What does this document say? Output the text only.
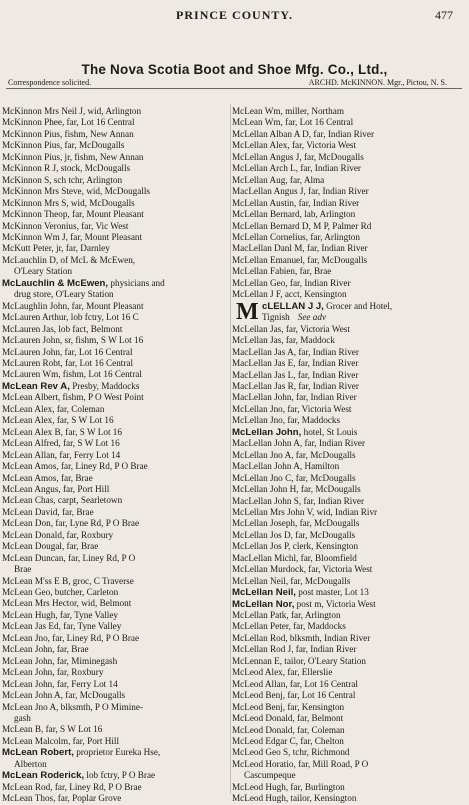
PRINCE COUNTY.	477
The Nova Scotia Boot and Shoe Mfg. Co., Ltd.,
Correspondence solicited.	ARCHD. McKINNON. Mgr., Pictou, N. S.
McKinnon Mrs Neil J, wid, Arlington
McKinnon Phee, far, Lot 16 Central
McKinnon Pius, fishm, New Annan
McKinnon Pius, far, McDougalls
McKinnon Pius, jr, fishm, New Annan
McKinnon R J, stock, McDougalls
McKinnon S, sch tchr, Arlington
McKinnon Mrs Steve, wid, McDougalls
McKinnon Mrs S, wid, McDougalls
McKinnon Theop, far, Mount Pleasant
McKinnon Veronius, far, Vic West
McKinnon Wm J, far, Mount Pleasant
McKutt Peter, jr, far, Darnley
McLauchlin D, of McL & McEwen,
O'Leary Station
McLauchlin & McEwen, physicians and
drug store, O'Leary Station
McLaughlin John, far, Mount Pleasant
McLauren Arthur, lob fctry, Lot 16 C
McLauren Jas, lob fact, Belmont
McLauren John, sr, fishm, S W Lot 16
McLauren John, far, Lot 16 Central
McLauren Robt, far, Lot 16 Central
McLauren Wm, fishm, Lot 16 Central
McLean Rev A, Presby, Maddocks
McLean Albert, fishm, P O West Point
McLean Alex, far, Coleman
McLean Alex, far, S W Lot 16
McLean Alex B, far, S W Lot 16
McLean Alfred, far, S W Lot 16
McLean Allan, far, Ferry Lot 14
McLean Amos, far, Liney Rd, P O Brae
McLean Amos, far, Brae
McLean Angus, far, Port Hill
McLean Chas, carpt, Searletown
McLean David, far, Brae
McLean Don, far, Lyne Rd, P O Brae
McLean Donald, far, Roxbury
McLean Dougal, far, Brae
McLean Duncan, far, Liney Rd, P O
Brae
McLean M'ss E B, groc, C Traverse
McLean Geo, butcher, Carleton
McLean Mrs Hector, wid, Belmont
McLean Hugh, far, Tyne Valley
McLean Jas Ed, far, Tyne Valley
McLean Jno, far, Liney Rd, P O Brae
McLean John, far, Brae
McLean John, far, Miminegash
McLean John, far, Roxbury
McLean John, far, Ferry Lot 14
McLean John A, far, McDougalls
McLean Jno A, blksmth, P O Mimine-
gash
McLean B, far, S W Lot 16
McLean Malcolm, far, Port Hill
McLean Robert, proprietor Eureka Hse,
Alberton
McLean Roderick, lob fctry, P O Brae
McLean Rod, far, Liney Rd, P O Brae
McLean Thos, far, Poplar Grove
McLean Wm, miller, Northam
McLean Wm, far, Lot 16 Central
McLellan Alban A D, far, Indian River
McLellan Alex, far, Victoria West
McLellan Angus J, far, McDougalls
McLellan Arch L, far, Indian River
McLellan Aug, far, Alma
MacLellan Angus J, far, Indian River
McLellan Austin, far, Indian River
McLellan Bernard, lab, Arlington
McLellan Bernard D, M P, Palmer Rd
McLellan Cornelius, far, Arlington
MacLellan Danl M, far, Indian River
McLellan Emanuel, far, McDougalls
McLellan Fabien, far, Brae
McLellan Geo, far, Indian River
McLellan J F, acct, Kensington
M cLELLAN J J, Grocer and Hotel,
Tignish See adv
McLellan Jas, far, Victoria West
McLellan Jas, far, Maddock
MacLellan Jas A, far, Indian River
MacLellan Jas E, far, Indian River
MacLellan Jas L, far, Indian River
MacLellan Jas R, far, Indian River
MacLellan John, far, Indian River
McLellan Jno, far, Victoria West
McLellan Jno, far, Maddocks
McLellan John, hotel, St Louis
MacLellan John A, far, Indian River
McLellan Jno A, far, McDougalls
MacLellan John A, Hamilton
McLellan Jno C, far, McDougalls
McLellan John H, far, McDougalls
MacLellan John S, far, Indian River
McLellan Mrs John V, wid, Indian Rivr
McLellan Joseph, far, McDougalls
McLellan Jos D, far, McDougalls
McLellan Jos P, clerk, Kensington
MacLellan Michl, far, Bloomfield
McLellan Murdock, far, Victoria West
McLellan Neil, far, McDougalls
McLellan Neil, post master, Lot 13
McLellan Nor, post m, Victoria West
McLellan Patk, far, Arlington
McLellan Peter, far, Maddocks
McLellan Rod, blksmth, Indian River
McLellan Rod J, far, Indian River
McLennan E, tailor, O'Leary Station
McLeod Alex, far, Ellerslie
McLeod Allan, far, Lot 16 Central
McLeod Benj, far, Lot 16 Central
McLeod Benj, far, Kensington
McLeod Donald, far, Belmont
McLeod Donald, far, Coleman
McLeod Edgar C, far, Chelton
McLeod Geo S, tchr, Richmond
McLeod Horatio, far, Mill Road, P O
Cascumpeque
McLeod Hugh, far, Burlington
McLeod Hugh, tailor, Kensington
